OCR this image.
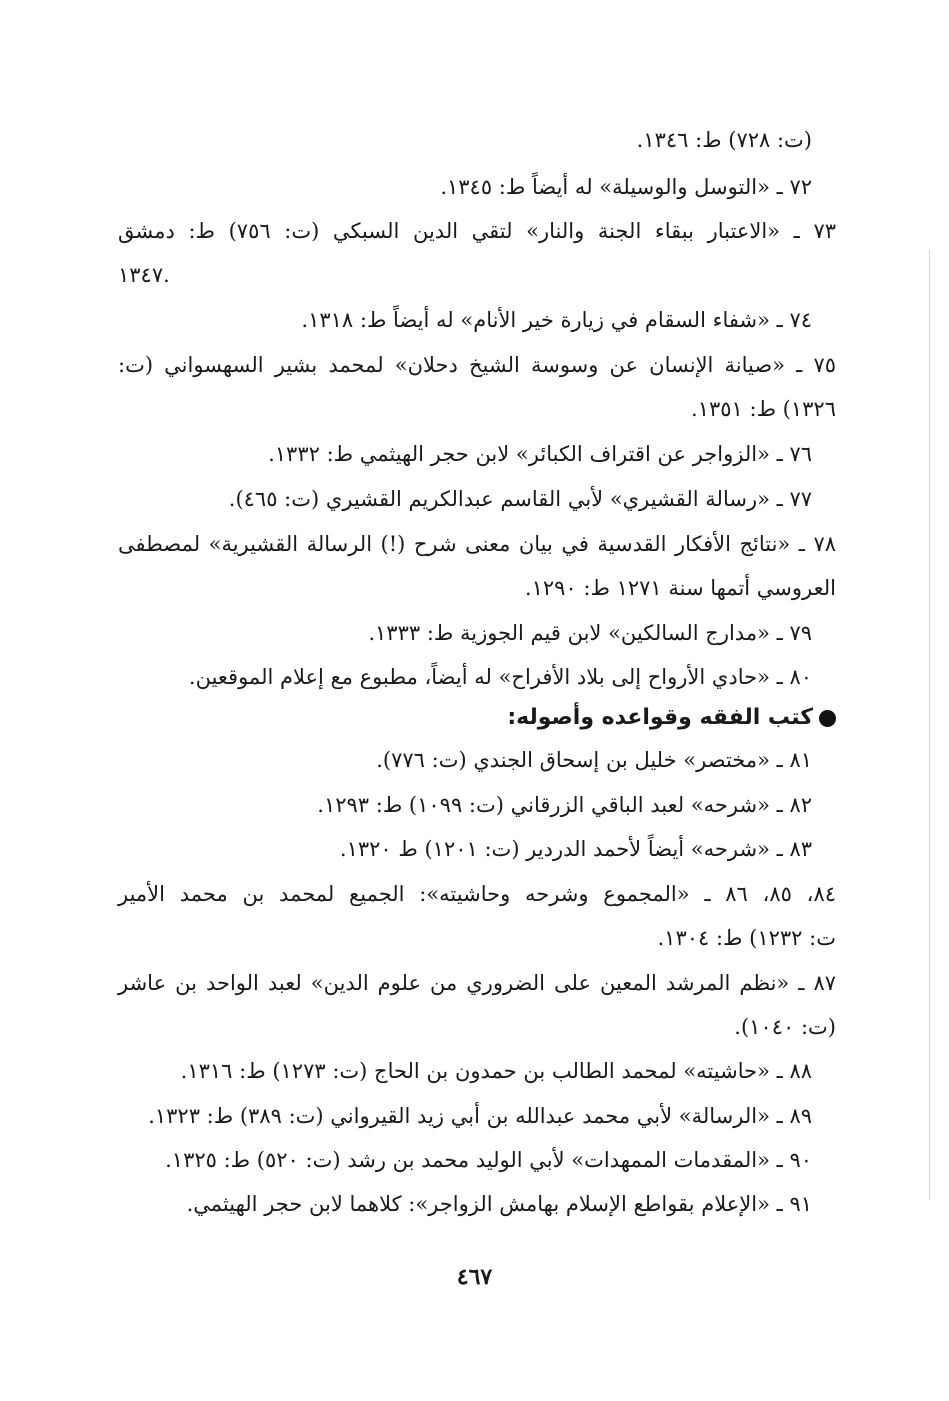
(ت: ٧٢٨) ط: ١٣٤٦.
٧٢ ـ «التوسل والوسيلة» له أيضاً ط: ١٣٤٥.
٧٣ ـ «الاعتبار ببقاء الجنة والنار» لتقي الدين السبكي (ت: ٧٥٦) ط: دمشق
١٣٤٧.
٧٤ ـ «شفاء السقام في زيارة خير الأنام» له أيضاً ط: ١٣١٨.
٧٥ ـ «صيانة الإنسان عن وسوسة الشيخ دحلان» لمحمد بشير السهسواني (ت:
١٣٢٦) ط: ١٣٥١.
٧٦ ـ «الزواجر عن اقتراف الكبائر» لابن حجر الهيثمي ط: ١٣٣٢.
٧٧ ـ «رسالة القشيري» لأبي القاسم عبدالكريم القشيري (ت: ٤٦٥).
٧٨ ـ «نتائج الأفكار القدسية في بيان معنى شرح (!) الرسالة القشيرية» لمصطفى
العروسي أتمها سنة ١٢٧١ ط: ١٢٩٠.
٧٩ ـ «مدارج السالكين» لابن قيم الجوزية ط: ١٣٣٣.
٨٠ ـ «حادي الأرواح إلى بلاد الأفراح» له أيضاً، مطبوع مع إعلام الموقعين.
كتب الفقه وقواعده وأصوله:
٨١ ـ «مختصر» خليل بن إسحاق الجندي (ت: ٧٧٦).
٨٢ ـ «شرحه» لعبد الباقي الزرقاني (ت: ١٠٩٩) ط: ١٢٩٣.
٨٣ ـ «شرحه» أيضاً لأحمد الدردير (ت: ١٢٠١) ط ١٣٢٠.
٨٤، ٨٥، ٨٦ ـ «المجموع وشرحه وحاشيته»: الجميع لمحمد بن محمد الأمير
ت: ١٢٣٢) ط: ١٣٠٤.
٨٧ ـ «نظم المرشد المعين على الضروري من علوم الدين» لعبد الواحد بن عاشر
(ت: ١٠٤٠).
٨٨ ـ «حاشيته» لمحمد الطالب بن حمدون بن الحاج (ت: ١٢٧٣) ط: ١٣١٦.
٨٩ ـ «الرسالة» لأبي محمد عبدالله بن أبي زيد القيرواني (ت: ٣٨٩) ط: ١٣٢٣.
٩٠ ـ «المقدمات الممهدات» لأبي الوليد محمد بن رشد (ت: ٥٢٠) ط: ١٣٢٥.
٩١ ـ «الإعلام بقواطع الإسلام بهامش الزواجر»: كلاهما لابن حجر الهيثمي.
٤٦٧
